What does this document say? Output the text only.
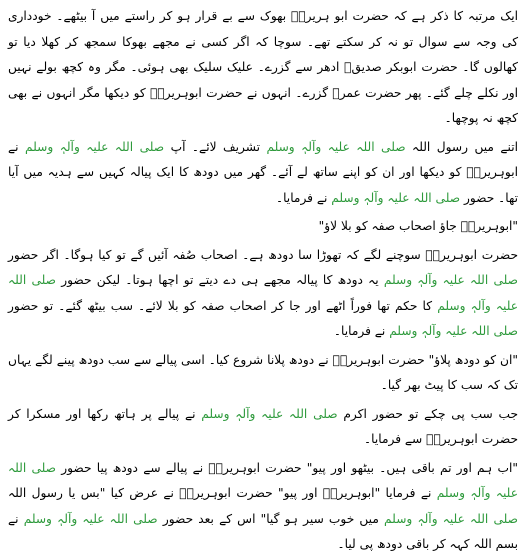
ایک مرتبہ کا ذکر ہے کہ حضرت ابو ہریرہؓ بھوک سے بے قرار ہو کر راستے میں آ بیٹھے۔ خودداری کی وجہ سے سوال تو نہ کر سکتے تھے۔ سوچا کہ اگر کسی نے مجھے بھوکا سمجھ کر کھلا دیا تو کھالوں گا۔ حضرت ابوبکر صدیقؓ ادھر سے گزرے۔ علیک سلیک بھی ہوئی۔ مگر وہ کچھ بولے نہیں اور نکلے چلے گئے۔ پھر حضرت عمرؓ گزرے۔ انہوں نے حضرت ابوہریرہؓ کو دیکھا مگر انہوں نے بھی کچھ نہ پوچھا۔

اتنے میں رسول اللہ صلی اللہ علیہ وآلہٖ وسلم تشریف لائے۔ آپ صلی اللہ علیہ وآلہٖ وسلم نے ابوہریرہؓ کو دیکھا اور ان کو اپنے ساتھ لے آئے۔ گھر میں دودھ کا ایک پیالہ کہیں سے ہدیہ میں آیا تھا۔ حضور صلی اللہ علیہ وآلہٖ وسلم نے فرمایا۔

"ابوہریرہؓ جاؤ اصحاب صفہ کو بلا لاؤ"

حضرت ابوہریرہؓ سوچنے لگے کہ تھوڑا سا دودھ ہے۔ اصحاب صُفہ آئیں گے تو کیا ہوگا۔ اگر حضور صلی اللہ علیہ وآلہٖ وسلم یہ دودھ کا پیالہ مجھے ہی دے دیتے تو اچھا ہوتا۔ لیکن حضور صلی اللہ علیہ وآلہٖ وسلم کا حکم تھا فوراً اٹھے اور جا کر اصحاب صفہ کو بلا لائے۔ سب بیٹھ گئے۔ تو حضور صلی اللہ علیہ وآلہٖ وسلم نے فرمایا۔

"ان کو دودھ پلاؤ" حضرت ابوہریرہؓ نے دودھ پلانا شروع کیا۔ اسی پیالے سے سب دودھ پینے لگے یہاں تک کہ سب کا پیٹ بھر گیا۔

جب سب پی چکے تو حضور اکرم صلی اللہ علیہ وآلہٖ وسلم نے پیالے پر ہاتھ رکھا اور مسکرا کر حضرت ابوہریرہؓ سے فرمایا۔

"اب ہم اور تم باقی ہیں۔ بیٹھو اور پیو" حضرت ابوہریرہؓ نے پیالے سے دودھ پیا حضور صلی اللہ علیہ وآلہٖ وسلم نے فرمایا "ابوہریرہؓ اور پیو" حضرت ابوہریرہؓ نے عرض کیا "بس یا رسول اللہ صلی اللہ علیہ وآلہٖ وسلم میں خوب سیر ہو گیا" اس کے بعد حضور صلی اللہ علیہ وآلہٖ وسلم نے بسم اللہ کہہ کر باقی دودھ پی لیا۔
